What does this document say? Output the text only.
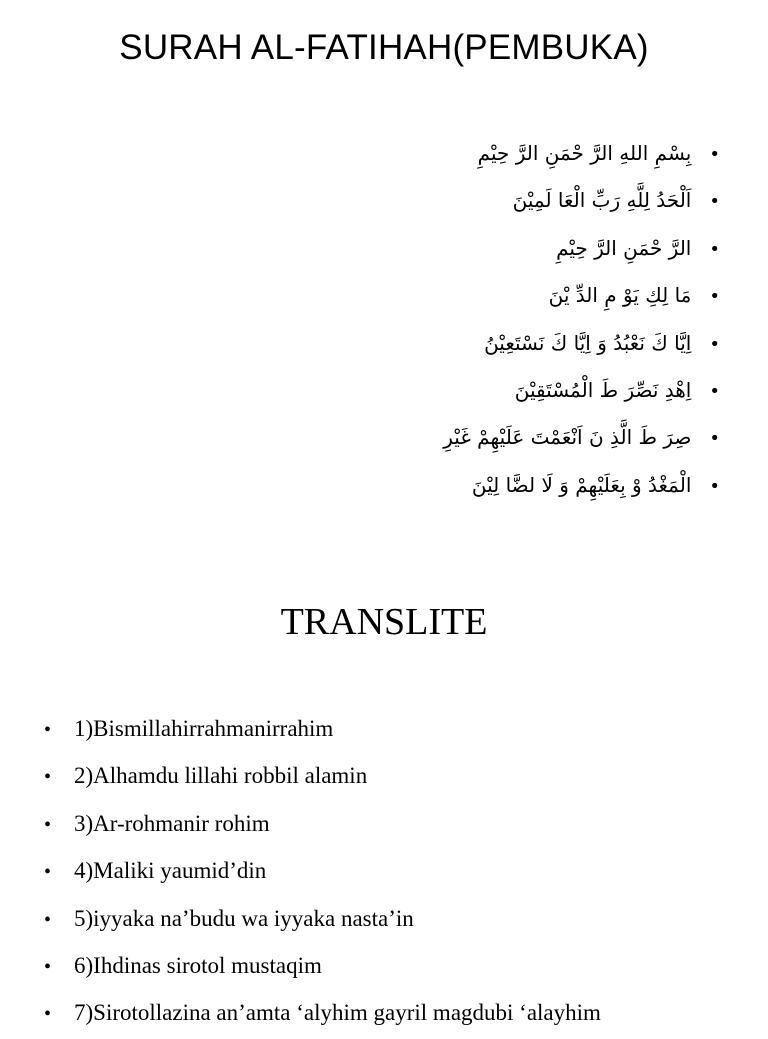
SURAH AL-FATIHAH(PEMBUKA)
•بِسْمِ اللهِ الرَّ حْمَنِ الرَّ حِيْمِ
•اَلْحَدُ لِلَّهِ رَبِّ الْعَا لَمِيْنَ
•الرَّ حْمَنِ الرَّ حِيْمِ
•مَا لِكِ يَوْ مِ الدِّ يْنَ
•اِيَّا كَ نَعْبُدُ وَ اِيَّا كَ نَسْتَعِيْنُ
•اِهْدِ نَصِّرَ طَ الْمُسْتَقِيْنَ
•صِرَ طَ الَّذِ نَ اَنْعَمْتَ عَلَيْهِمْ غَيْرِ
•الْمَغْدُ وْ بِعَلَيْهِمْ وَ لَا لضَّا لِيْنَ
TRANSLITE
• 1)Bismillahirrahmanirrahim
• 2)Alhamdu lillahi robbil alamin
• 3)Ar-rohmanir rohim
• 4)Maliki yaumid’din
• 5)iyyaka na’budu wa iyyaka nasta’in
• 6)Ihdinas sirotol mustaqim
• 7)Sirotollazina an’amta ‘alyhim gayril magdubi ‘alayhim
